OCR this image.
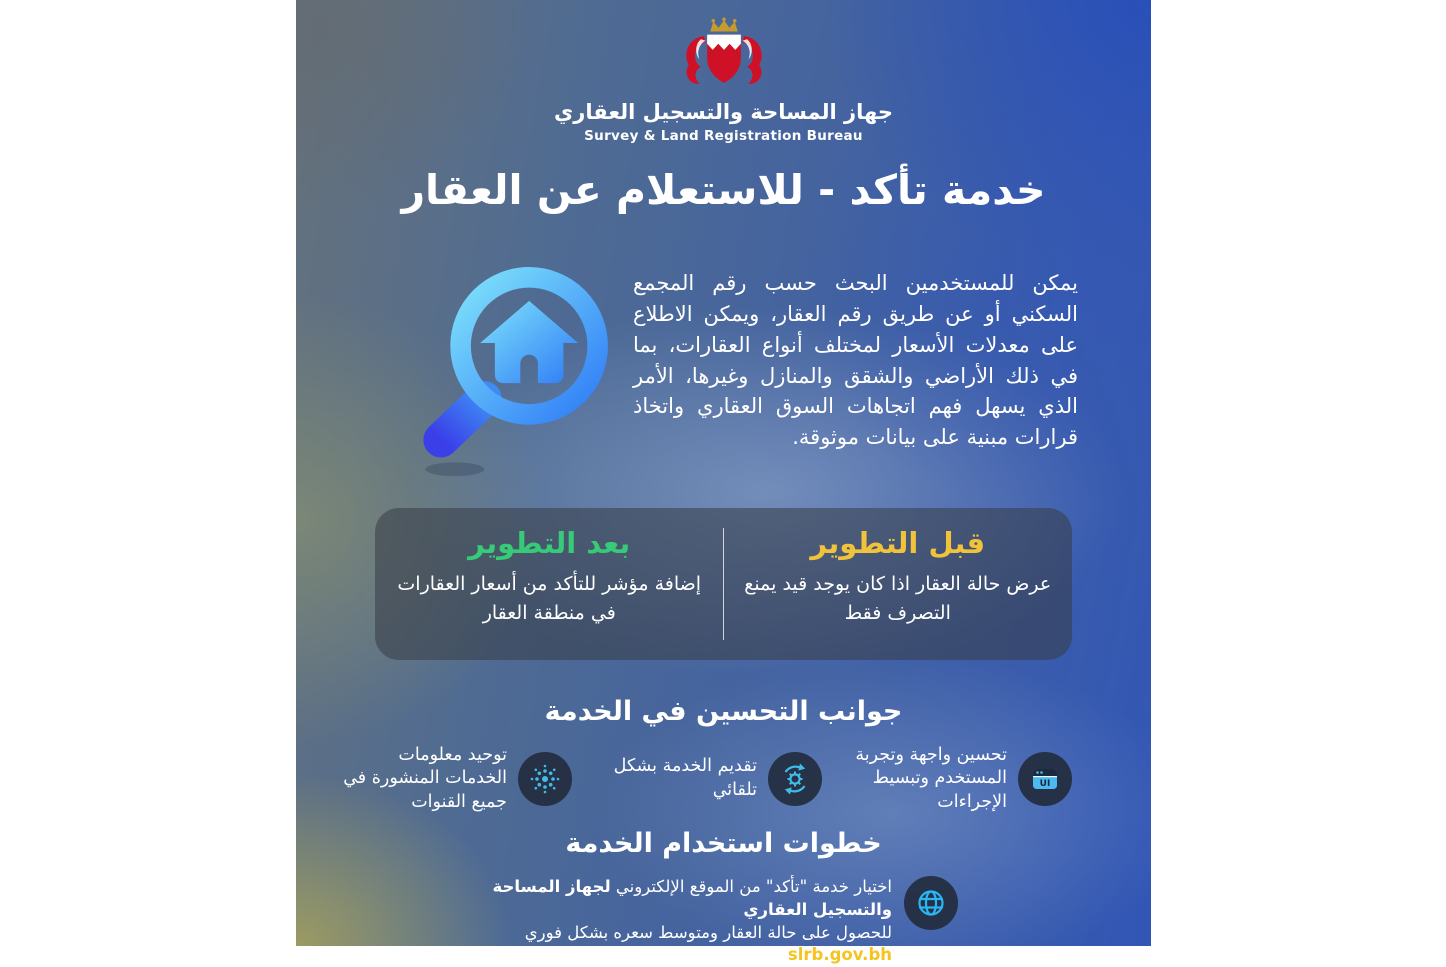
جهاز المساحة والتسجيل العقاري
Survey & Land Registration Bureau
خدمة تأكد - للاستعلام عن العقار

يمكن للمستخدمين البحث حسب رقم المجمع السكني أو عن طريق رقم العقار، ويمكن الاطلاع على معدلات الأسعار لمختلف أنواع العقارات، بما في ذلك الأراضي والشقق والمنازل وغيرها، الأمر الذي يسهل فهم اتجاهات السوق العقاري واتخاذ قرارات مبنية على بيانات موثوقة.

قبل التطوير
عرض حالة العقار اذا كان يوجد قيد يمنع التصرف فقط
بعد التطوير
إضافة مؤشر للتأكد من أسعار العقارات في منطقة العقار
جوانب التحسين في الخدمة
UI
تحسين واجهة وتجربة المستخدم وتبسيط الإجراءات
تقديم الخدمة بشكل تلقائي
توحيد معلومات الخدمات المنشورة في جميع القنوات
خطوات استخدام الخدمة
اختيار خدمة "تأكد" من الموقع الإلكتروني لجهاز المساحة والتسجيل العقاري
للحصول على حالة العقار ومتوسط سعره بشكل فوري
slrb.gov.bh
